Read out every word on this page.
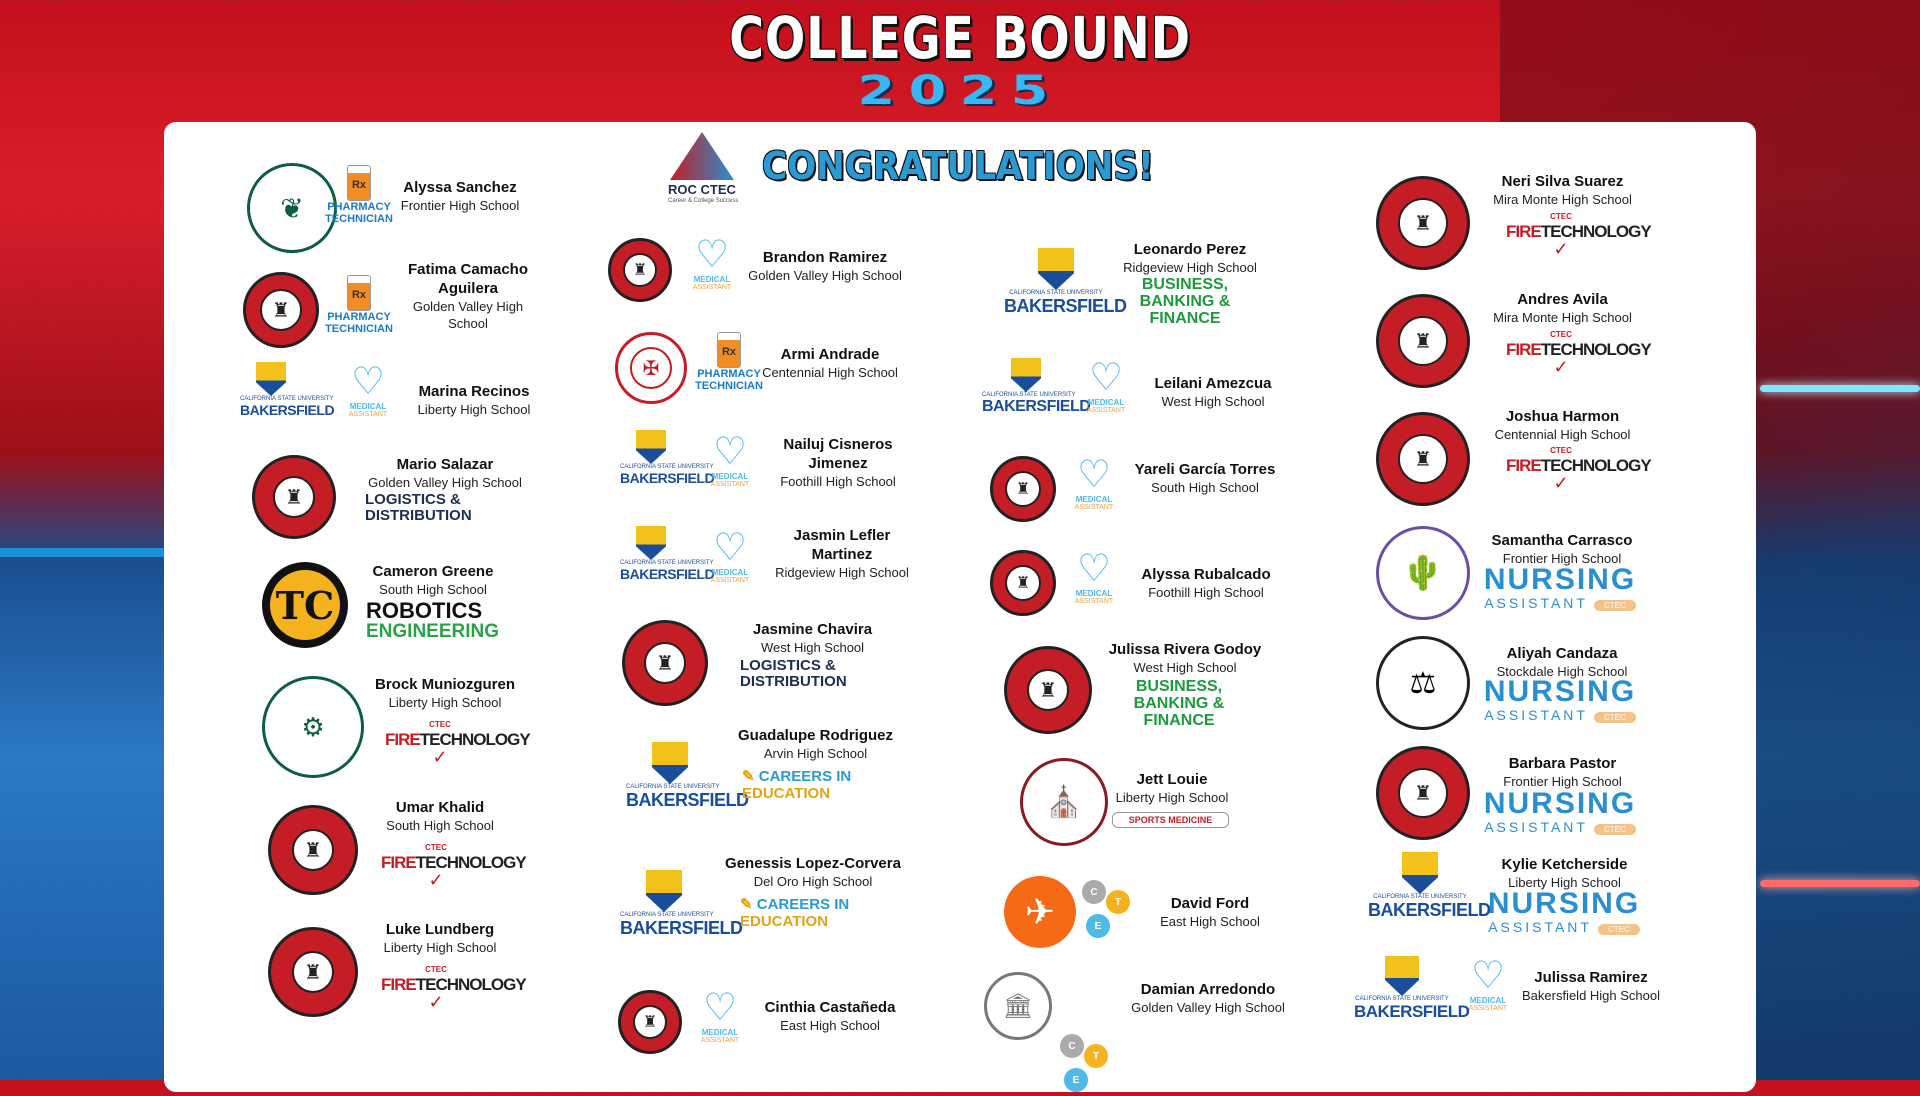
COLLEGE BOUND
2025
ROC CTEC
Career & College Success
CONGRATULATIONS!
❦
Rx
PHARMACY TECHNICIAN
Alyssa Sanchez
Frontier High School
♜
Rx
PHARMACY TECHNICIAN
Fatima Camacho Aguilera
Golden Valley High School
CALIFORNIA STATE UNIVERSITY
BAKERSFIELD
♡
MEDICAL
ASSISTANT
Marina Recinos
Liberty High School
♜
Mario Salazar
Golden Valley High School
LOGISTICS & DISTRIBUTION
TC
Cameron Greene
South High School
ROBOTICS
ENGINEERING
⚙
Brock Muniozguren
Liberty High School
CTEC
FIRETECHNOLOGY
✓
♜
Umar Khalid
South High School
CTEC
FIRETECHNOLOGY
✓
♜
Luke Lundberg
Liberty High School
CTEC
FIRETECHNOLOGY
✓
♜ ♡
MEDICAL
ASSISTANT
Brandon Ramirez
Golden Valley High School
✠
Rx
PHARMACY TECHNICIAN
Armi Andrade
Centennial High School
CALIFORNIA STATE UNIVERSITY
BAKERSFIELD
♡
MEDICAL
ASSISTANT
Nailuj Cisneros Jimenez
Foothill High School
CALIFORNIA STATE UNIVERSITY
BAKERSFIELD
♡
MEDICAL
ASSISTANT
Jasmin Lefler Martinez
Ridgeview High School
♜
Jasmine Chavira
West High School
LOGISTICS & DISTRIBUTION
CALIFORNIA STATE UNIVERSITY
BAKERSFIELD
Guadalupe Rodriguez
Arvin High School
✎ CAREERS IN
EDUCATION
CALIFORNIA STATE UNIVERSITY
BAKERSFIELD
Genessis Lopez-Corvera
Del Oro High School
✎ CAREERS IN
EDUCATION
♜ ♡
MEDICAL
ASSISTANT
Cinthia Castañeda
East High School
CALIFORNIA STATE UNIVERSITY
BAKERSFIELD
Leonardo Perez
Ridgeview High School
BUSINESS, BANKING & FINANCE
CALIFORNIA STATE UNIVERSITY
BAKERSFIELD
♡
MEDICAL
ASSISTANT
Leilani Amezcua
West High School
♜ ♡
MEDICAL
ASSISTANT
Yareli García Torres
South High School
♜ ♡
MEDICAL
ASSISTANT
Alyssa Rubalcado
Foothill High School
♜
Julissa Rivera Godoy
West High School
BUSINESS, BANKING & FINANCE
⛪
Jett Louie
Liberty High School
SPORTS MEDICINE
✈	C
T
E
David Ford
East High School
🏛
C
T
E
Damian Arredondo
Golden Valley High School
♜
Neri Silva Suarez
Mira Monte High School
CTEC
FIRETECHNOLOGY
✓
♜
Andres Avila
Mira Monte High School
CTEC
FIRETECHNOLOGY
✓
♜
Joshua Harmon
Centennial High School
CTEC
FIRETECHNOLOGY
✓
🌵
Samantha Carrasco
Frontier High School
NURSING
ASSISTANT CTEC
⚖
Aliyah Candaza
Stockdale High School
NURSING
ASSISTANT CTEC
♜
Barbara Pastor
Frontier High School
NURSING
ASSISTANT CTEC
CALIFORNIA STATE UNIVERSITY
BAKERSFIELD
Kylie Ketcherside
Liberty High School
NURSING
ASSISTANT CTEC
CALIFORNIA STATE UNIVERSITY
BAKERSFIELD
♡
MEDICAL
ASSISTANT
Julissa Ramirez
Bakersfield High School
